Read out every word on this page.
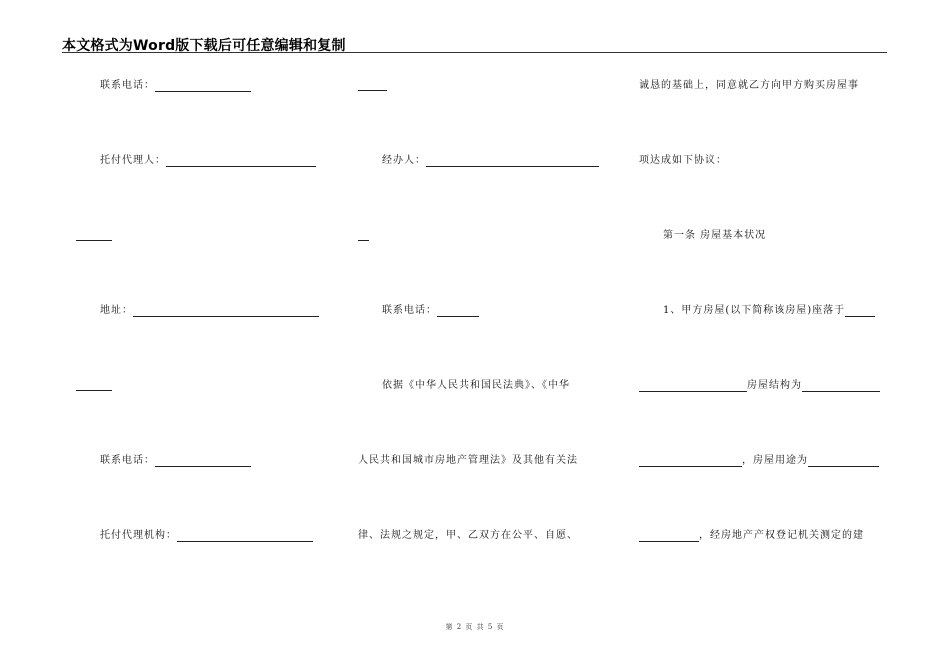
本文格式为Word版下载后可任意编辑和复制
联系电话：
托付代理人：
地址：
联系电话：
托付代理机构：
经办人：
联系电话：
依据《中华人民共和国民法典》、《中华
人民共和国城市房地产管理法》及其他有关法
律、法规之规定，甲、乙双方在公平、自愿、
诚恳的基础上，同意就乙方向甲方购买房屋事
项达成如下协议：
第一条 房屋基本状况
1、甲方房屋(以下简称该房屋)座落于
房屋结构为
，房屋用途为
，经房地产产权登记机关测定的建
第 2 页 共 5 页
